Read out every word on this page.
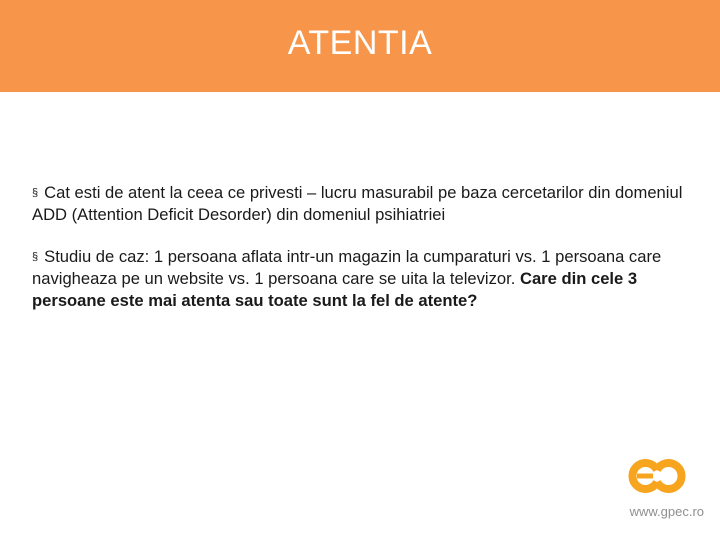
ATENTIA

§ Cat esti de atent la ceea ce privesti – lucru masurabil pe baza cercetarilor din domeniul ADD (Attention Deficit Desorder) din domeniul psihiatriei

§ Studiu de caz: 1 persoana aflata intr-un magazin la cumparaturi vs. 1 persoana care navigheaza pe un website vs. 1 persoana care se uita la televizor. Care din cele 3 persoane este mai atenta sau toate sunt la fel de atente?

www.gpec.ro
